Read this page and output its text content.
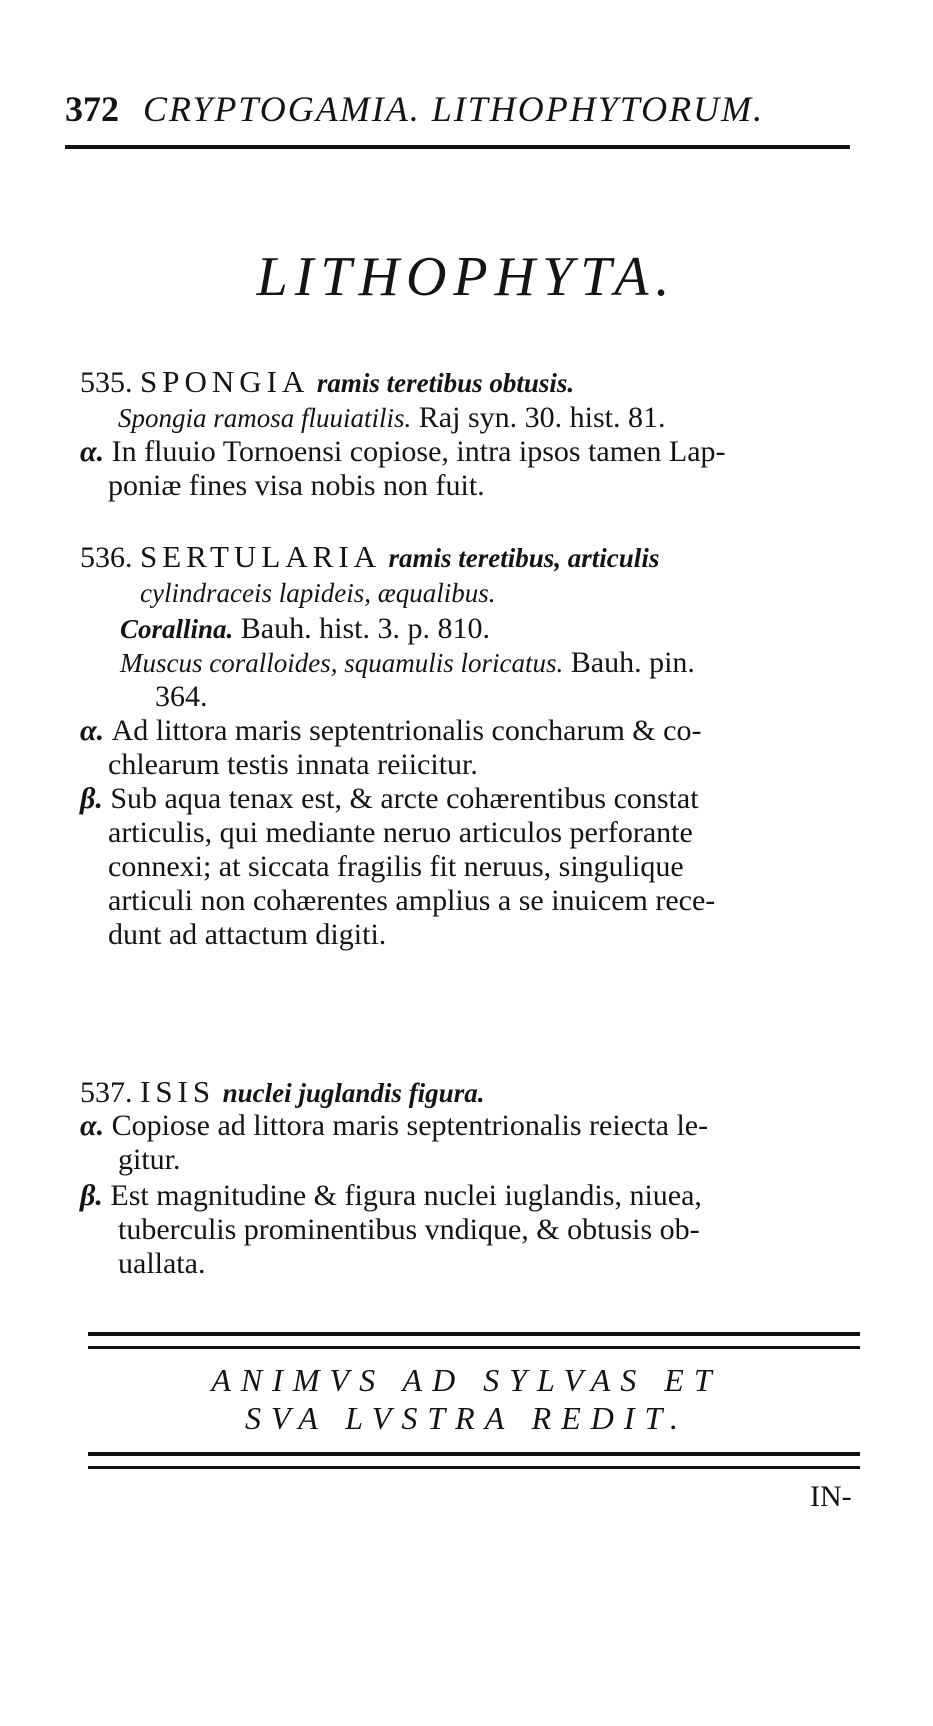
372 CRYPTOGAMIA. LITHOPHYTORUM.
LITHOPHYTA.
535. SPONGIA ramis teretibus obtusis.
Spongia ramosa fluuiatilis. Raj syn. 30. hist. 81.
α. In fluuio Tornoensi copiose, intra ipsos tamen Lap-
poniæ fines visa nobis non fuit.
536. SERTULARIA ramis teretibus, articulis
cylindraceis lapideis, æqualibus.
Corallina. Bauh. hist. 3. p. 810.
Muscus coralloides, squamulis loricatus. Bauh. pin.
364.
α. Ad littora maris septentrionalis concharum & co-
chlearum testis innata reiicitur.
β. Sub aqua tenax est, & arcte cohærentibus constat
articulis, qui mediante neruo articulos perforante
connexi; at siccata fragilis fit neruus, singulique
articuli non cohærentes amplius a se inuicem rece-
dunt ad attactum digiti.
537. ISIS nuclei juglandis figura.
α. Copiose ad littora maris septentrionalis reiecta le-
gitur.
β. Est magnitudine & figura nuclei iuglandis, niuea,
tuberculis prominentibus vndique, & obtusis ob-
uallata.
ANIMVS AD SYLVAS ET
SVA LVSTRA REDIT.
IN-
